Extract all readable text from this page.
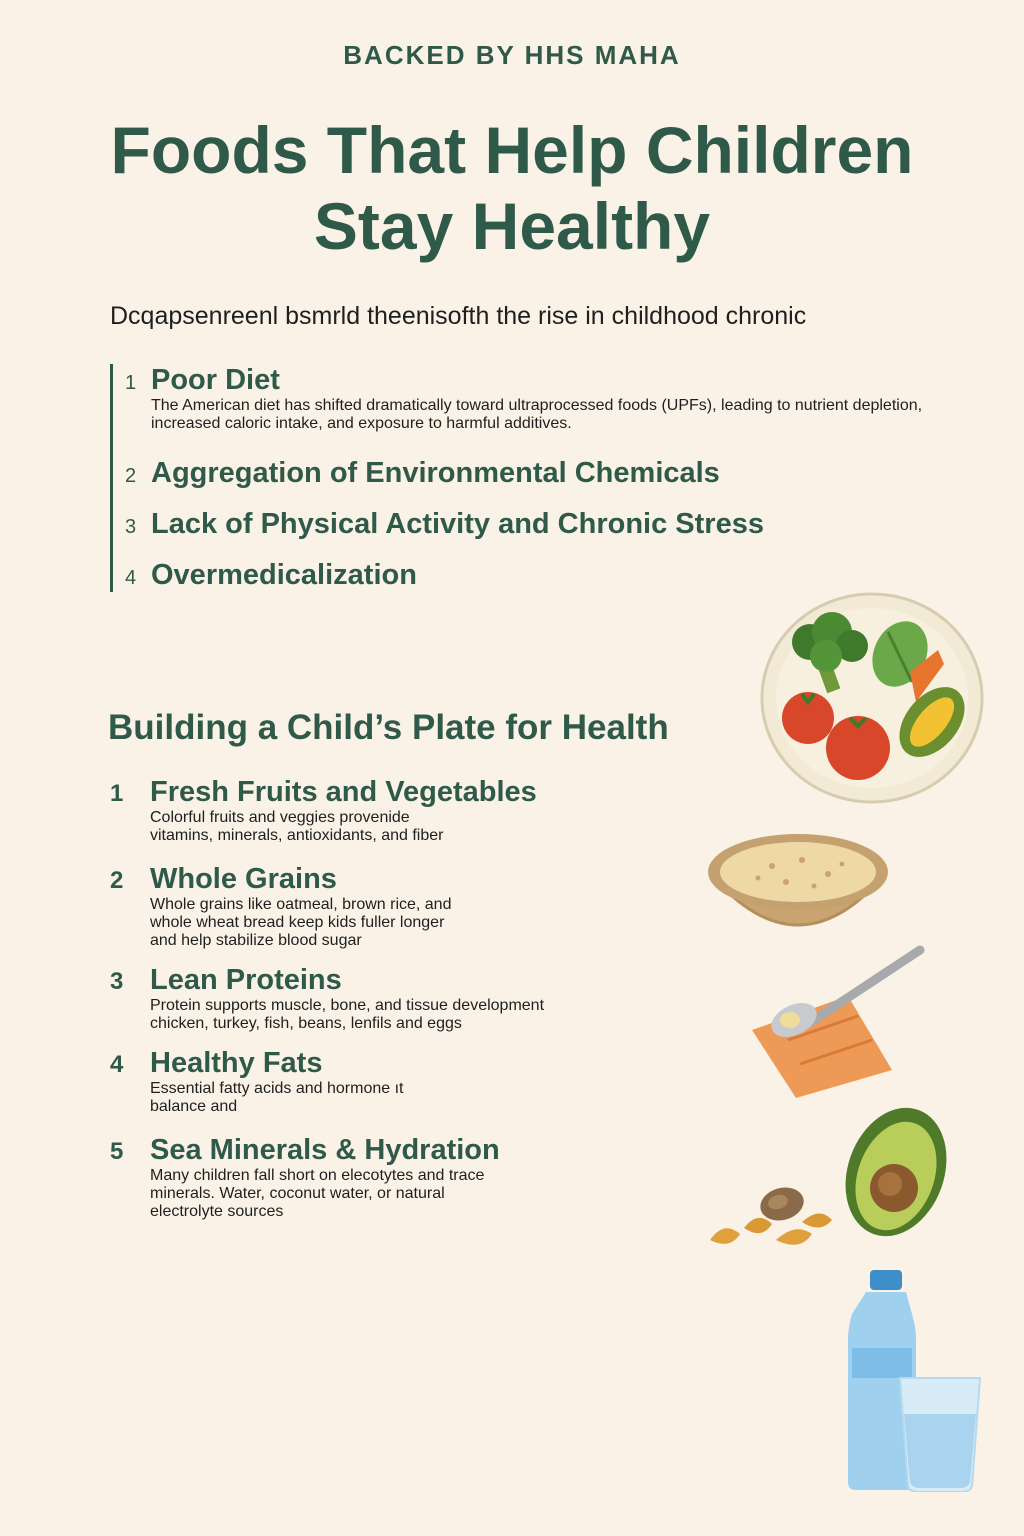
BACKED BY HHS MAHA
Foods That Help Children
Stay Healthy
Dcqapsenreenl bsmrld theenisofth the rise in childhood chronic
1 Poor Diet
The American diet has shifted dramatically toward ultraprocessed foods (UPFs), leading to nutrient depletion, increased caloric intake, and exposure to harmful additives.
2 Aggregation of Environmental Chemicals
3 Lack of Physical Activity and Chronic Stress
4 Overmedicalization
Building a Child’s Plate for Health
1 Fresh Fruits and Vegetables
Colorful fruits and veggies provenide
vitamins, minerals, antioxidants, and fiber
2 Whole Grains
Whole grains like oatmeal, brown rice, and
whole wheat bread keep kids fuller longer
and help stabilize blood sugar
3 Lean Proteins
Protein supports muscle, bone, and tissue development
chicken, turkey, fish, beans, lenfils and eggs
4 Healthy Fats
Essential fatty acids and hormone ıt
balance and
5 Sea Minerals & Hydration
Many children fall short on elecotytes and trace
minerals. Water, coconut water, or natural
electrolyte sources
